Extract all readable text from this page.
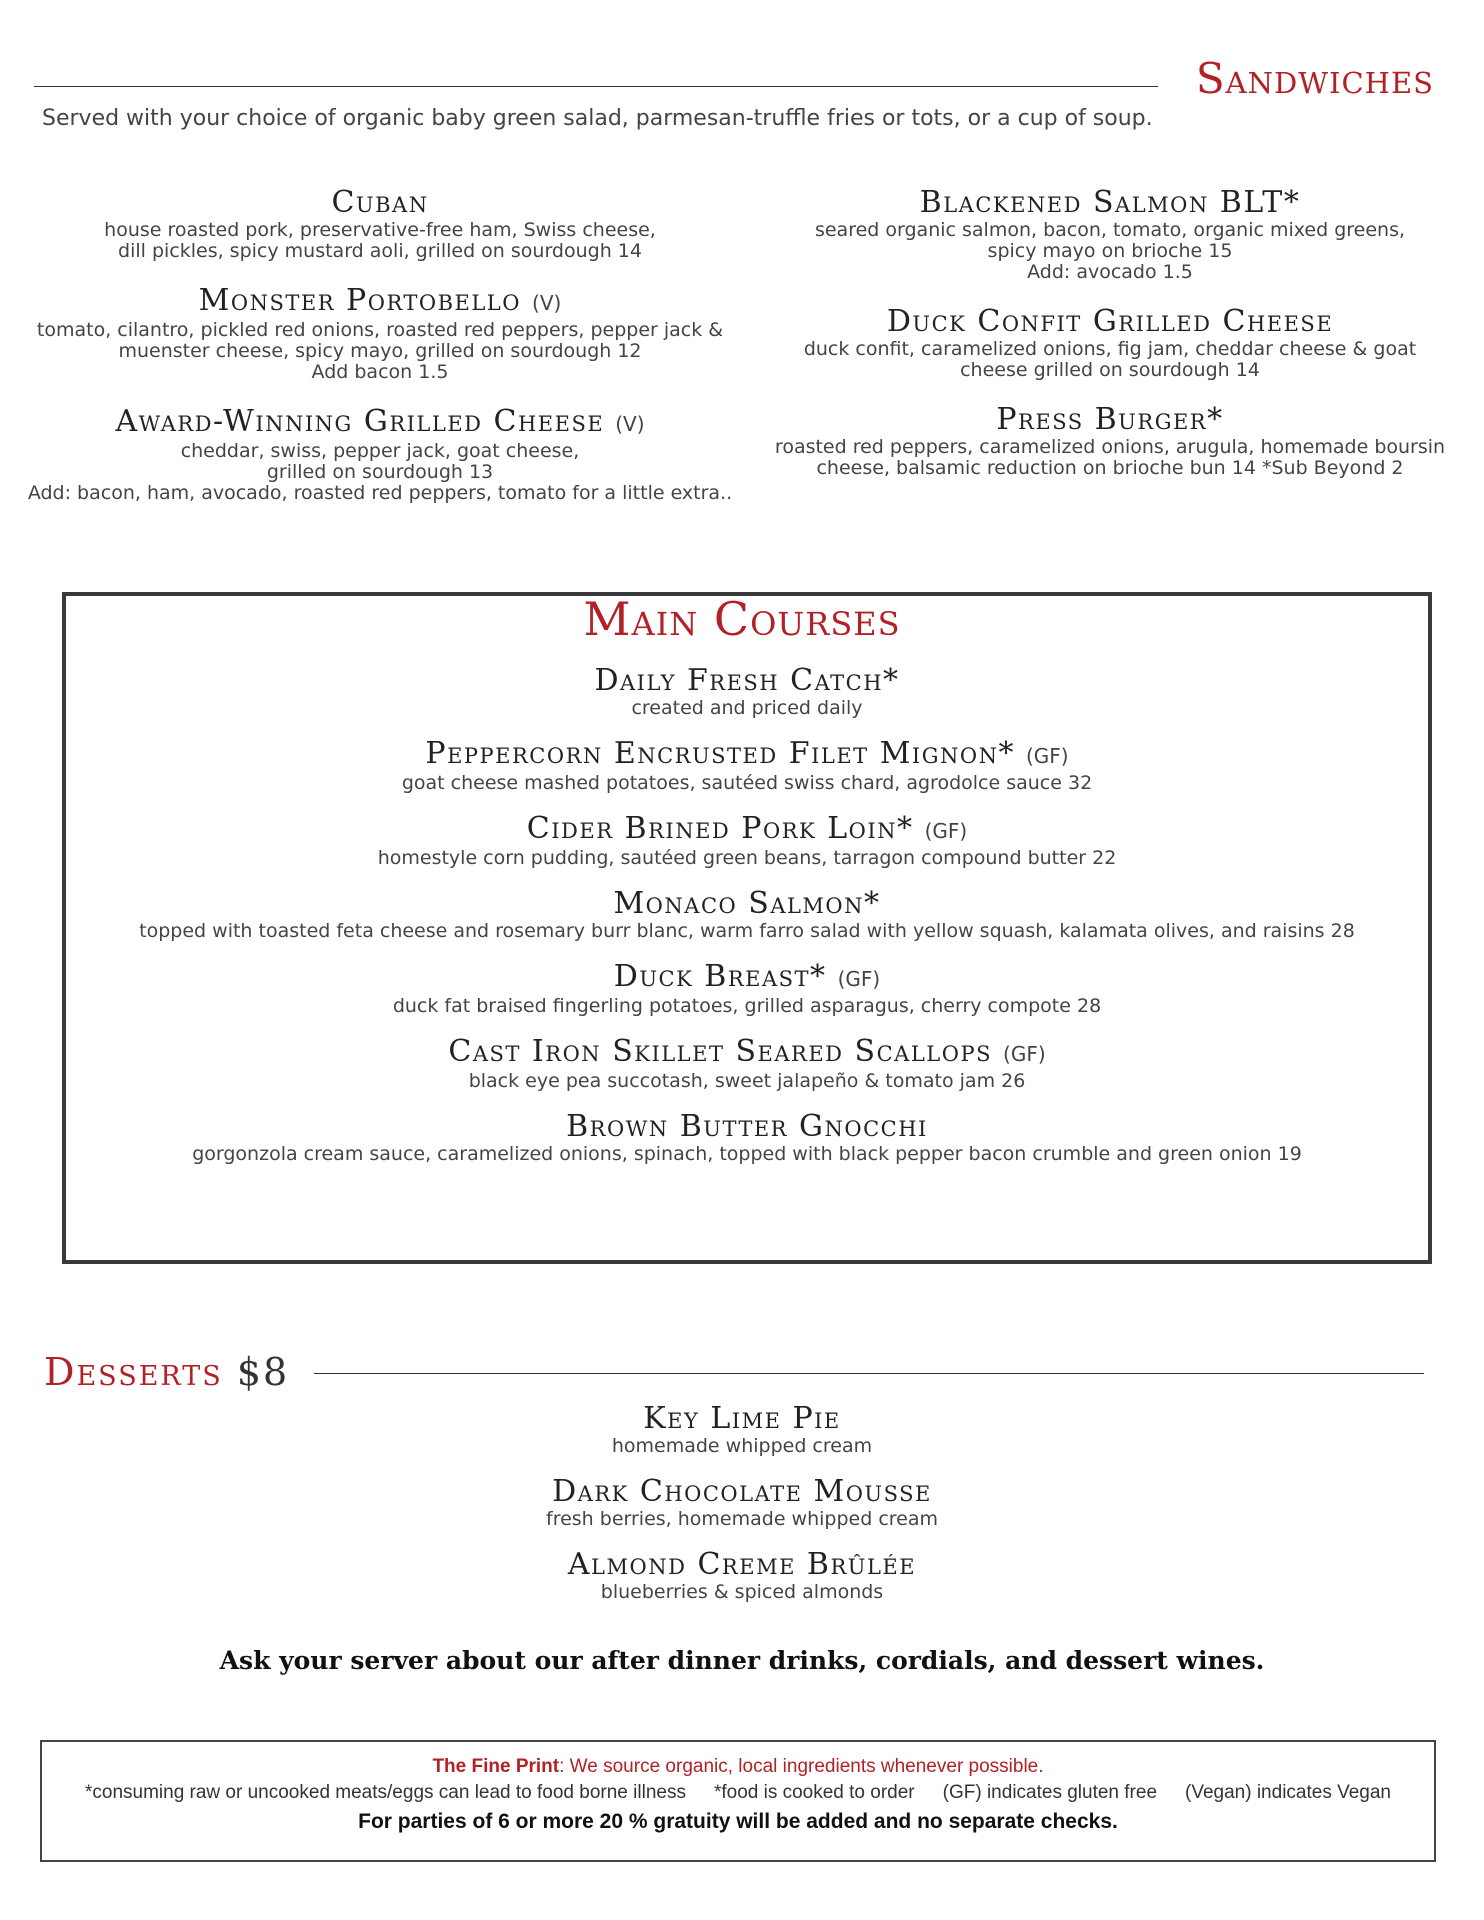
Sandwiches
Served with your choice of organic baby green salad, parmesan-truffle fries or tots, or a cup of soup.
Cuban
house roasted pork, preservative-free ham, Swiss cheese,
dill pickles, spicy mustard aoli, grilled on sourdough 14
Monster Portobello (V)
tomato, cilantro, pickled red onions, roasted red peppers, pepper jack &
muenster cheese, spicy mayo, grilled on sourdough 12
Add bacon 1.5
Award-Winning Grilled Cheese (V)
cheddar, swiss, pepper jack, goat cheese,
grilled on sourdough 13
Add: bacon, ham, avocado, roasted red peppers, tomato for a little extra..
Blackened Salmon BLT*
seared organic salmon, bacon, tomato, organic mixed greens,
spicy mayo on brioche 15
Add: avocado 1.5
Duck Confit Grilled Cheese
duck confit, caramelized onions, fig jam, cheddar cheese & goat
cheese grilled on sourdough 14
Press Burger*
roasted red peppers, caramelized onions, arugula, homemade boursin
cheese, balsamic reduction on brioche bun 14 *Sub Beyond 2
Main Courses
Daily Fresh Catch*
created and priced daily
Peppercorn Encrusted Filet Mignon* (GF)
goat cheese mashed potatoes, sautéed swiss chard, agrodolce sauce 32
Cider Brined Pork Loin* (GF)
homestyle corn pudding, sautéed green beans, tarragon compound butter 22
Monaco Salmon*
topped with toasted feta cheese and rosemary burr blanc, warm farro salad with yellow squash, kalamata olives, and raisins 28
Duck Breast* (GF)
duck fat braised fingerling potatoes, grilled asparagus, cherry compote 28
Cast Iron Skillet Seared Scallops (GF)
black eye pea succotash, sweet jalapeño & tomato jam 26
Brown Butter Gnocchi
gorgonzola cream sauce, caramelized onions, spinach, topped with black pepper bacon crumble and green onion 19
Desserts $8
Key Lime Pie
homemade whipped cream
Dark Chocolate Mousse
fresh berries, homemade whipped cream
Almond Creme Brûlée
blueberries & spiced almonds
Ask your server about our after dinner drinks, cordials, and dessert wines.
The Fine Print: We source organic, local ingredients whenever possible.
*consuming raw or uncooked meats/eggs can lead to food borne illness *food is cooked to order (GF) indicates gluten free (Vegan) indicates Vegan
For parties of 6 or more 20 % gratuity will be added and no separate checks.
